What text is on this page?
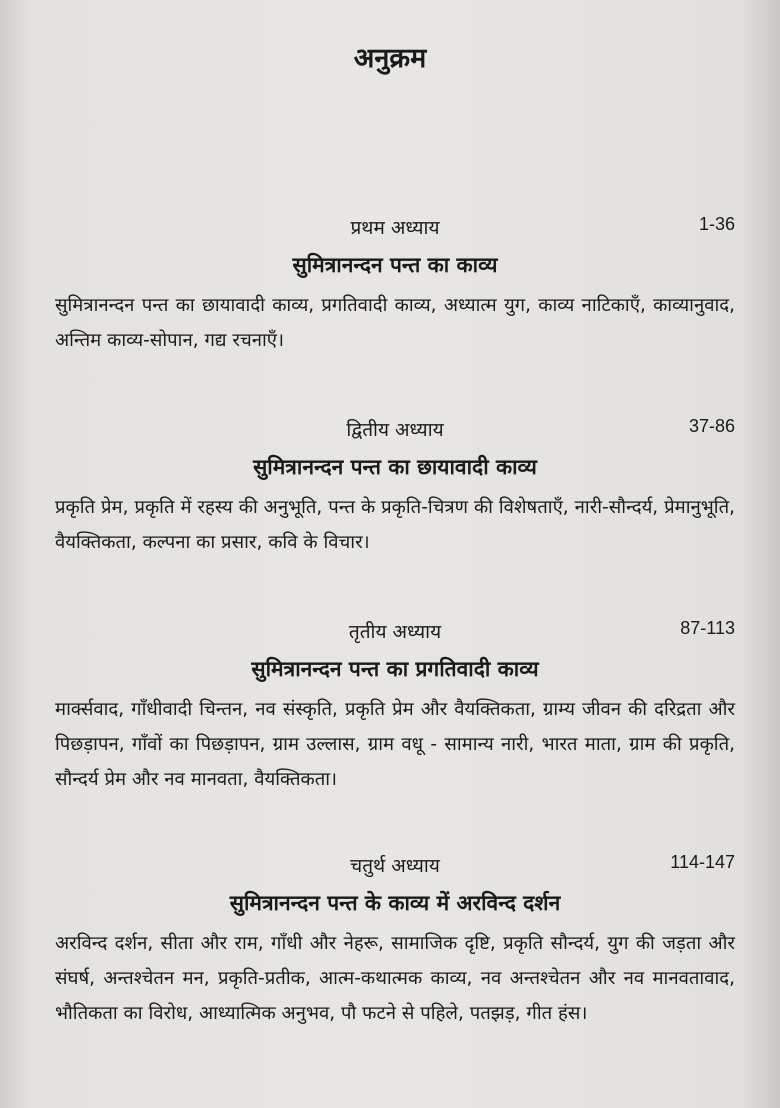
अनुक्रम
प्रथम अध्याय	1-36
सुमित्रानन्दन पन्त का काव्य
सुमित्रानन्दन पन्त का छायावादी काव्य, प्रगतिवादी काव्य, अध्यात्म युग, काव्य नाटिकाएँ, काव्यानुवाद, अन्तिम काव्य-सोपान, गद्य रचनाएँ।
द्वितीय अध्याय	37-86
सुमित्रानन्दन पन्त का छायावादी काव्य
प्रकृति प्रेम, प्रकृति में रहस्य की अनुभूति, पन्त के प्रकृति-चित्रण की विशेषताएँ, नारी-सौन्दर्य, प्रेमानुभूति, वैयक्तिकता, कल्पना का प्रसार, कवि के विचार।
तृतीय अध्याय	87-113
सुमित्रानन्दन पन्त का प्रगतिवादी काव्य
मार्क्सवाद, गाँधीवादी चिन्तन, नव संस्कृति, प्रकृति प्रेम और वैयक्तिकता, ग्राम्य जीवन की दरिद्रता और पिछड़ापन, गाँवों का पिछड़ापन, ग्राम उल्लास, ग्राम वधू - सामान्य नारी, भारत माता, ग्राम की प्रकृति, सौन्दर्य प्रेम और नव मानवता, वैयक्तिकता।
चतुर्थ अध्याय	114-147
सुमित्रानन्दन पन्त के काव्य में अरविन्द दर्शन
अरविन्द दर्शन, सीता और राम, गाँधी और नेहरू, सामाजिक दृष्टि, प्रकृति सौन्दर्य, युग की जड़ता और संघर्ष, अन्तश्चेतन मन, प्रकृति-प्रतीक, आत्म-कथात्मक काव्य, नव अन्तश्चेतन और नव मानवतावाद, भौतिकता का विरोध, आध्यात्मिक अनुभव, पौ फटने से पहिले, पतझड़, गीत हंस।
